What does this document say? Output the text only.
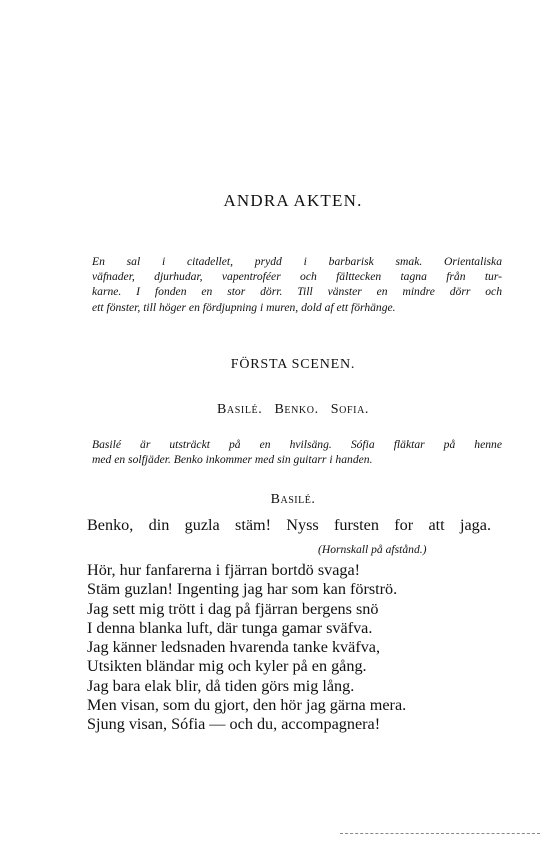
ANDRA AKTEN.
En sal i citadellet, prydd i barbarisk smak. Orientaliska
väfnader, djurhudar, vapentroféer och fälttecken tagna från tur-
karne. I fonden en stor dörr. Till vänster en mindre dörr och
ett fönster, till höger en fördjupning i muren, dold af ett förhänge.
FÖRSTA SCENEN.
Basilé. Benko. Sofia.
Basilé är utsträckt på en hvilsäng. Sófia fläktar på henne
med en solfjäder. Benko inkommer med sin guitarr i handen.
Basilé.
Benko, din guzla stäm! Nyss fursten for att jaga.
(Hornskall på afstånd.)
Hör, hur fanfarerna i fjärran bortdö svaga!
Stäm guzlan! Ingenting jag har som kan förströ.
Jag sett mig trött i dag på fjärran bergens snö
I denna blanka luft, där tunga gamar sväfva.
Jag känner ledsnaden hvarenda tanke kväfva,
Utsikten bländar mig och kyler på en gång.
Jag bara elak blir, då tiden görs mig lång.
Men visan, som du gjort, den hör jag gärna mera.
Sjung visan, Sófia — och du, accompagnera!
